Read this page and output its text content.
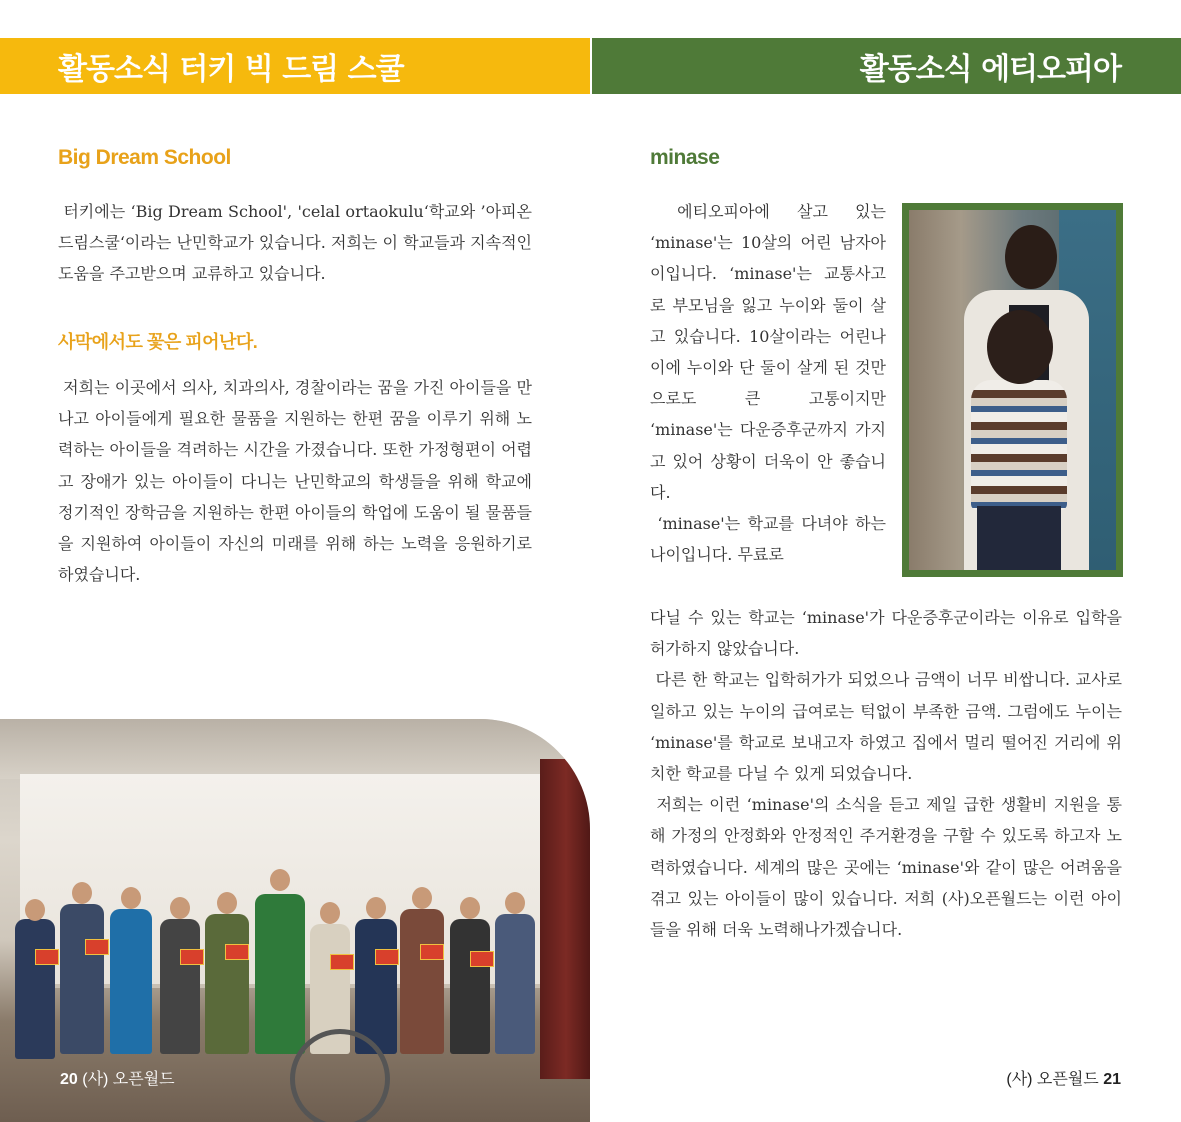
활동소식 터키 빅 드림 스쿨	활동소식 에티오피아
Big Dream School

터키에는 ‘Big Dream School', 'celal ortaokulu‘학교와 ’아피온 드림스쿨‘이라는 난민학교가 있습니다. 저희는 이 학교들과 지속적인 도움을 주고받으며 교류하고 있습니다.

사막에서도 꽃은 피어난다.

저희는 이곳에서 의사, 치과의사, 경찰이라는 꿈을 가진 아이들을 만나고 아이들에게 필요한 물품을 지원하는 한편 꿈을 이루기 위해 노력하는 아이들을 격려하는 시간을 가졌습니다. 또한 가정형편이 어렵고 장애가 있는 아이들이 다니는 난민학교의 학생들을 위해 학교에 정기적인 장학금을 지원하는 한편 아이들의 학업에 도움이 될 물품들을 지원하여 아이들이 자신의 미래를 위해 하는 노력을 응원하기로 하였습니다.

20 (사) 오픈월드
minase

에티오피아에 살고 있는 ‘minase'는 10살의 어린 남자아이입니다. ‘minase'는 교통사고로 부모님을 잃고 누이와 둘이 살고 있습니다. 10살이라는 어린나이에 누이와 단 둘이 살게 된 것만으로도 큰 고통이지만 ‘minase'는 다운증후군까지 가지고 있어 상황이 더욱이 안 좋습니다.
‘minase'는 학교를 다녀야 하는 나이입니다. 무료로

다닐 수 있는 학교는 ‘minase'가 다운증후군이라는 이유로 입학을 허가하지 않았습니다.
다른 한 학교는 입학허가가 되었으나 금액이 너무 비쌉니다. 교사로 일하고 있는 누이의 급여로는 턱없이 부족한 금액. 그럼에도 누이는 ‘minase'를 학교로 보내고자 하였고 집에서 멀리 떨어진 거리에 위치한 학교를 다닐 수 있게 되었습니다.
저희는 이런 ‘minase'의 소식을 듣고 제일 급한 생활비 지원을 통해 가정의 안정화와 안정적인 주거환경을 구할 수 있도록 하고자 노력하였습니다. 세계의 많은 곳에는 ‘minase'와 같이 많은 어려움을 겪고 있는 아이들이 많이 있습니다. 저희 (사)오픈월드는 이런 아이들을 위해 더욱 노력해나가겠습니다.

(사) 오픈월드 21
